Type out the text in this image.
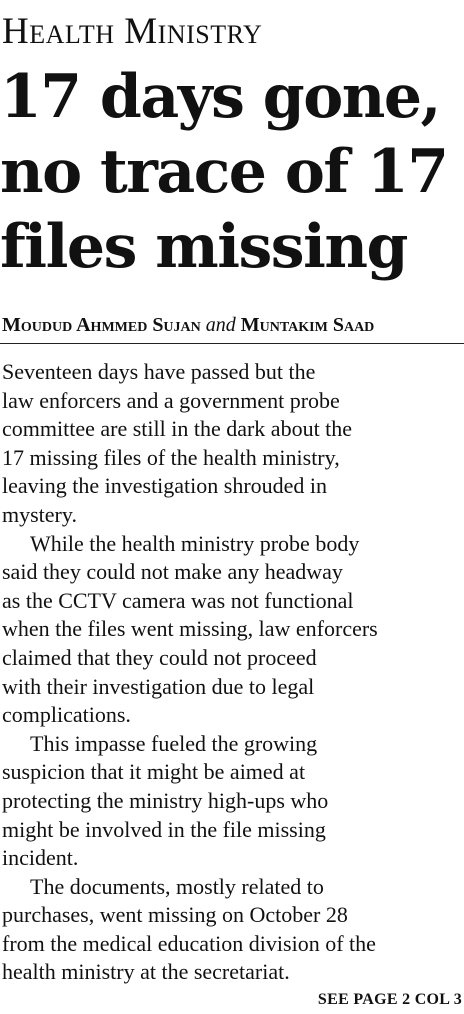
Health Ministry
17 days gone,
no trace of 17
files missing

Moudud Ahmmed Sujan and Muntakim Saad

Seventeen days have passed but the
law enforcers and a government probe
committee are still in the dark about the
17 missing files of the health ministry,
leaving the investigation shrouded in
mystery.
While the health ministry probe body
said they could not make any headway
as the CCTV camera was not functional
when the files went missing, law enforcers
claimed that they could not proceed
with their investigation due to legal
complications.
This impasse fueled the growing
suspicion that it might be aimed at
protecting the ministry high-ups who
might be involved in the file missing
incident.
The documents, mostly related to
purchases, went missing on October 28
from the medical education division of the
health ministry at the secretariat.
SEE PAGE 2 COL 3
